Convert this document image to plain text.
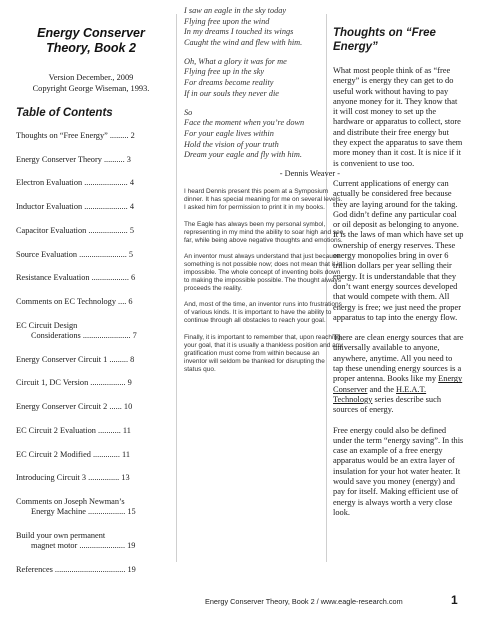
Energy Conserver
Theory, Book 2
Version December., 2009
Copyright George Wiseman, 1993.
Table of Contents
Thoughts on “Free Energy” ......... 2
Energy Conserver Theory .......... 3
Electron Evaluation ..................... 4
Inductor Evaluation ..................... 4
Capacitor Evaluation ................... 5
Source Evaluation ....................... 5
Resistance Evaluation .................. 6
Comments on EC Technology .... 6
EC Circuit Design
Considerations ....................... 7
Energy Conserver Circuit 1 ......... 8
Circuit 1, DC Version ................. 9
Energy Conserver Circuit 2 ...... 10
EC Circuit 2 Evaluation ........... 11
EC Circuit 2 Modified ............. 11
Introducing Circuit 3 ............... 13
Comments on Joseph Newman’s
Energy Machine .................. 15
Build your own permanent
magnet motor ...................... 19
References .................................. 19
I saw an eagle in the sky today
Flying free upon the wind
In my dreams I touched its wings
Caught the wind and flew with him.
Oh, What a glory it was for me
Flying free up in the sky
For dreams become reality
If in our souls they never die
So
Face the moment when you’re down
For your eagle lives within
Hold the vision of your truth
Dream your eagle and fly with him.
- Dennis Weaver -

I heard Dennis present this poem at a Symposium dinner. It has special meaning for me on several levels. I asked him for permission to print it in my books.

The Eagle has always been my personal symbol, representing in my mind the ability to soar high and see far, while being above negative thoughts and emotions.

An inventor must always understand that just because something is not possible now; does not mean that it is impossible. The whole concept of inventing boils down to making the impossible possible. The thought always proceeds the reality.

And, most of the time, an inventor runs into frustrations of various kinds. It is important to have the ability to continue through all obstacles to reach your goal.

Finally, it is important to remember that, upon reaching your goal, that it is usually a thankless position and any gratification must come from within because an inventor will seldom be thanked for disrupting the status quo.

Thoughts on “Free Energy”

What most people think of as “free energy” is energy they can get to do useful work without having to pay anyone money for it. They know that it will cost money to set up the hardware or apparatus to collect, store and distribute their free energy but they expect the apparatus to save them more money than it cost. It is nice if it is convenient to use too.

Current applications of energy can actually be considered free because they are laying around for the taking. God didn’t define any particular coal or oil deposit as belonging to anyone. It is the laws of man which have set up ownership of energy reserves. These energy monopolies bring in over 6 trillion dollars per year selling their energy. It is understandable that they don’t want energy sources developed that would compete with them. All energy is free; we just need the proper apparatus to tap into the energy flow.

There are clean energy sources that are universally available to anyone, anywhere, anytime. All you need to tap these unending energy sources is a proper antenna. Books like my Energy Conserver and the H.E.A.T. Technology series describe such sources of energy.

Free energy could also be defined under the term “energy saving”. In this case an example of a free energy apparatus would be an extra layer of insulation for your hot water heater. It would save you money (energy) and pay for itself. Making efficient use of energy is always worth a very close look.

Energy Conserver Theory, Book 2 / www.eagle-research.com	1
